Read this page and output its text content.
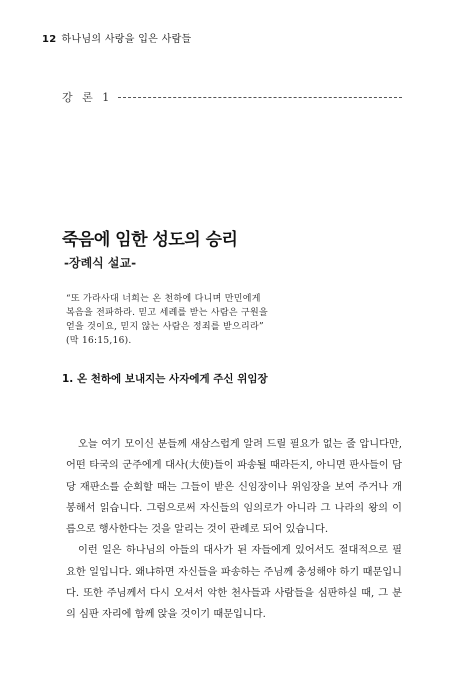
12 하나님의 사랑을 입은 사람들
강 론 1
죽음에 임한 성도의 승리
-장례식 설교-

“또 가라사대 너희는 온 천하에 다니며 만민에게

복음을 전파하라. 믿고 세례를 받는 사람은 구원을

얻을 것이요, 믿지 않는 사람은 정죄를 받으리라”

(막 16:15,16).

1. 온 천하에 보내지는 사자에게 주신 위임장

오늘 여기 모이신 분들께 새삼스럽게 알려 드릴 필요가 없는 줄 압니다만, 어떤 타국의 군주에게 대사(大使)들이 파송될 때라든지, 아니면 판사들이 담당 재판소를 순회할 때는 그들이 받은 신임장이나 위임장을 보여 주거나 개봉해서 읽습니다. 그럼으로써 자신들의 임의로가 아니라 그 나라의 왕의 이름으로 행사한다는 것을 알리는 것이 관례로 되어 있습니다.

이런 일은 하나님의 아들의 대사가 된 자들에게 있어서도 절대적으로 필요한 일입니다. 왜냐하면 자신들을 파송하는 주님께 충성해야 하기 때문입니다. 또한 주님께서 다시 오셔서 악한 천사들과 사람들을 심판하실 때, 그 분의 심판 자리에 함께 앉을 것이기 때문입니다.
